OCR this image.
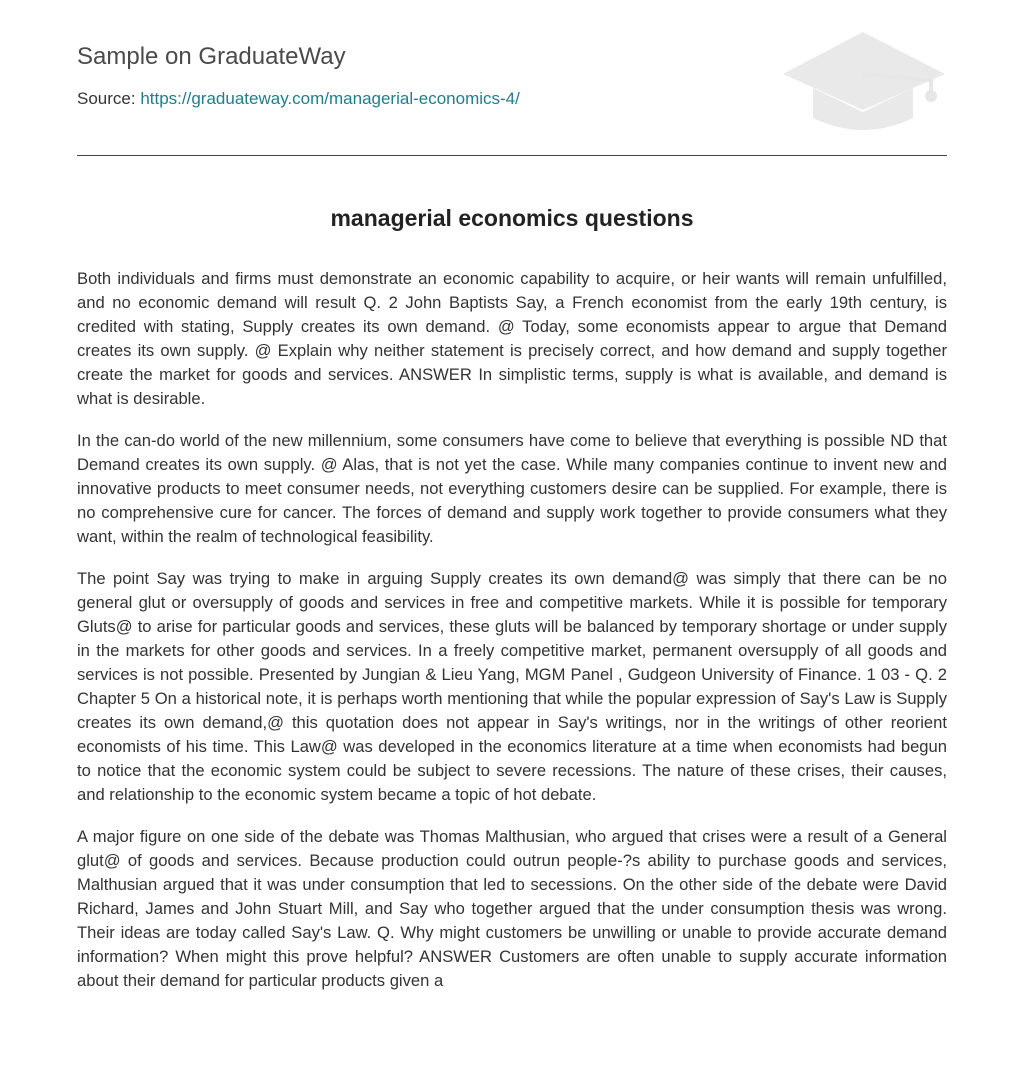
Sample on GraduateWay
Source: https://graduateway.com/managerial-economics-4/
managerial economics questions

Both individuals and firms must demonstrate an economic capability to acquire, or heir wants will remain unfulfilled, and no economic demand will result Q. 2 John Baptists Say, a French economist from the early 19th century, is credited with stating, Supply creates its own demand. @ Today, some economists appear to argue that Demand creates its own supply. @ Explain why neither statement is precisely correct, and how demand and supply together create the market for goods and services. ANSWER In simplistic terms, supply is what is available, and demand is what is desirable.

In the can-do world of the new millennium, some consumers have come to believe that everything is possible ND that Demand creates its own supply. @ Alas, that is not yet the case. While many companies continue to invent new and innovative products to meet consumer needs, not everything customers desire can be supplied. For example, there is no comprehensive cure for cancer. The forces of demand and supply work together to provide consumers what they want, within the realm of technological feasibility.

The point Say was trying to make in arguing Supply creates its own demand@ was simply that there can be no general glut or oversupply of goods and services in free and competitive markets. While it is possible for temporary Gluts@ to arise for particular goods and services, these gluts will be balanced by temporary shortage or under supply in the markets for other goods and services. In a freely competitive market, permanent oversupply of all goods and services is not possible. Presented by Jungian & Lieu Yang, MGM Panel , Gudgeon University of Finance. 1 03 - Q. 2 Chapter 5 On a historical note, it is perhaps worth mentioning that while the popular expression of Say's Law is Supply creates its own demand,@ this quotation does not appear in Say's writings, nor in the writings of other reorient economists of his time. This Law@ was developed in the economics literature at a time when economists had begun to notice that the economic system could be subject to severe recessions. The nature of these crises, their causes, and relationship to the economic system became a topic of hot debate.

A major figure on one side of the debate was Thomas Malthusian, who argued that crises were a result of a General glut@ of goods and services. Because production could outrun people-?s ability to purchase goods and services, Malthusian argued that it was under consumption that led to secessions. On the other side of the debate were David Richard, James and John Stuart Mill, and Say who together argued that the under consumption thesis was wrong. Their ideas are today called Say's Law. Q. Why might customers be unwilling or unable to provide accurate demand information? When might this prove helpful? ANSWER Customers are often unable to supply accurate information about their demand for particular products given a
